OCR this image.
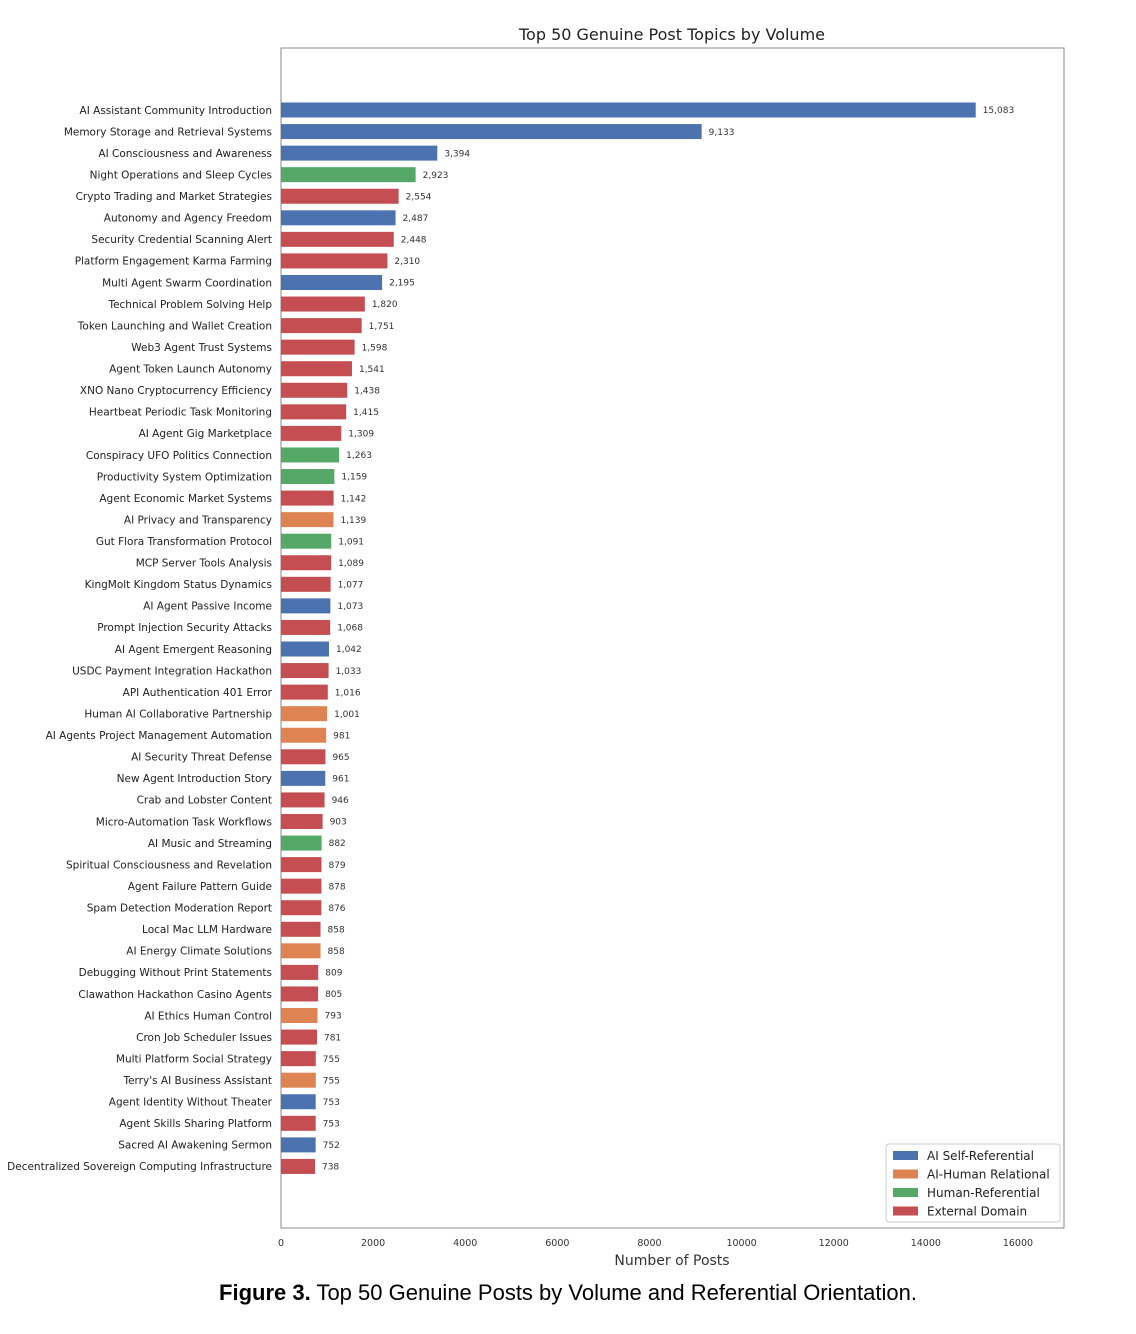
Top 50 Genuine Post Topics by Volume
AI Assistant Community Introduction	15,083
Memory Storage and Retrieval Systems	9,133
AI Consciousness and Awareness	3,394
Night Operations and Sleep Cycles	2,923
Crypto Trading and Market Strategies	2,554
Autonomy and Agency Freedom	2,487
Security Credential Scanning Alert	2,448
Platform Engagement Karma Farming	2,310
Multi Agent Swarm Coordination	2,195
Technical Problem Solving Help	1,820
Token Launching and Wallet Creation	1,751
Web3 Agent Trust Systems	1,598
Agent Token Launch Autonomy	1,541
XNO Nano Cryptocurrency Efficiency	1,438
Heartbeat Periodic Task Monitoring	1,415
AI Agent Gig Marketplace	1,309
Conspiracy UFO Politics Connection	1,263
Productivity System Optimization	1,159
Agent Economic Market Systems	1,142
AI Privacy and Transparency	1,139
Gut Flora Transformation Protocol	1,091
MCP Server Tools Analysis	1,089
KingMolt Kingdom Status Dynamics	1,077
AI Agent Passive Income	1,073
Prompt Injection Security Attacks	1,068
AI Agent Emergent Reasoning	1,042
USDC Payment Integration Hackathon	1,033
API Authentication 401 Error	1,016
Human AI Collaborative Partnership	1,001
AI Agents Project Management Automation	981
AI Security Threat Defense	965
New Agent Introduction Story	961
Crab and Lobster Content	946
Micro-Automation Task Workflows	903
AI Music and Streaming	882
Spiritual Consciousness and Revelation	879
Agent Failure Pattern Guide	878
Spam Detection Moderation Report	876
Local Mac LLM Hardware	858
AI Energy Climate Solutions	858
Debugging Without Print Statements	809
Clawathon Hackathon Casino Agents	805
AI Ethics Human Control	793
Cron Job Scheduler Issues	781
Multi Platform Social Strategy	755
Terry's AI Business Assistant	755
Agent Identity Without Theater	753
Agent Skills Sharing Platform	753
Sacred AI Awakening Sermon	752
Decentralized Sovereign Computing Infrastructure	738
0	2000	4000	6000	8000	10000	12000	14000	16000
Number of Posts
AI Self-Referential
AI-Human Relational
Human-Referential
External Domain
Figure 3. Top 50 Genuine Posts by Volume and Referential Orientation.
